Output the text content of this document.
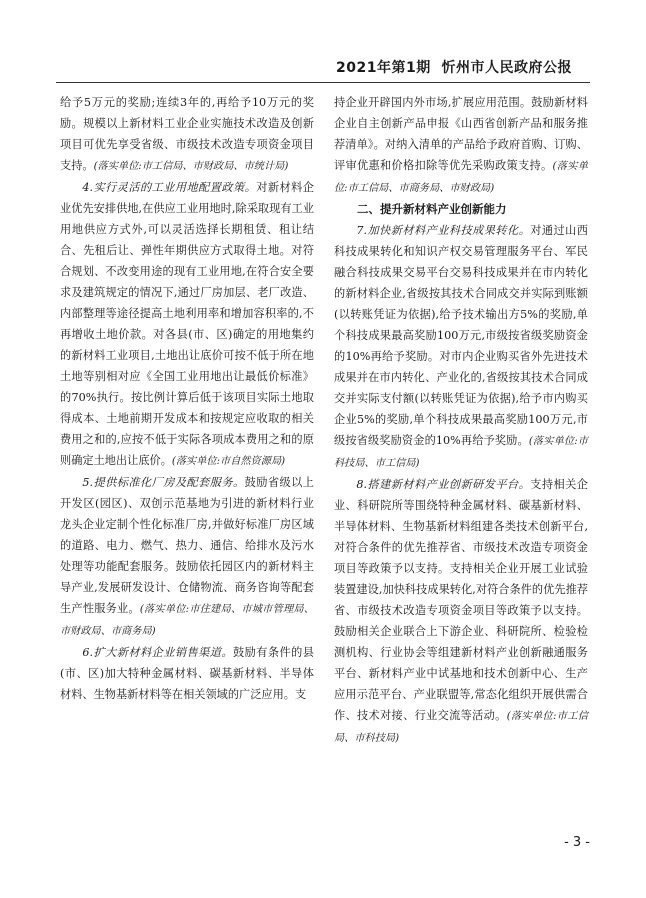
2021年第1期 忻州市人民政府公报

给予5万元的奖励;连续3年的,再给予10万元的奖励。规模以上新材料工业企业实施技术改造及创新项目可优先享受省级、市级技术改造专项资金项目支持。(落实单位:市工信局、市财政局、市统计局)

4.实行灵活的工业用地配置政策。对新材料企业优先安排供地,在供应工业用地时,除采取现有工业用地供应方式外,可以灵活选择长期租赁、租让结合、先租后让、弹性年期供应方式取得土地。对符合规划、不改变用途的现有工业用地,在符合安全要求及建筑规定的情况下,通过厂房加层、老厂改造、内部整理等途径提高土地利用率和增加容积率的,不再增收土地价款。对各县(市、区)确定的用地集约的新材料工业项目,土地出让底价可按不低于所在地土地等别相对应《全国工业用地出让最低价标准》的70%执行。按比例计算后低于该项目实际土地取得成本、土地前期开发成本和按规定应收取的相关费用之和的,应按不低于实际各项成本费用之和的原则确定土地出让底价。(落实单位:市自然资源局)

5.提供标准化厂房及配套服务。鼓励省级以上开发区(园区)、双创示范基地为引进的新材料行业龙头企业定制个性化标准厂房,并做好标准厂房区域的道路、电力、燃气、热力、通信、给排水及污水处理等功能配套服务。鼓励依托园区内的新材料主导产业,发展研发设计、仓储物流、商务咨询等配套生产性服务业。(落实单位:市住建局、市城市管理局、市财政局、市商务局)

6.扩大新材料企业销售渠道。鼓励有条件的县(市、区)加大特种金属材料、碳基新材料、半导体材料、生物基新材料等在相关领域的广泛应用。支

持企业开辟国内外市场,扩展应用范围。鼓励新材料企业自主创新产品申报《山西省创新产品和服务推荐清单》。对纳入清单的产品给予政府首购、订购、评审优惠和价格扣除等优先采购政策支持。(落实单位:市工信局、市商务局、市财政局)

二、提升新材料产业创新能力

7.加快新材料产业科技成果转化。对通过山西科技成果转化和知识产权交易管理服务平台、军民融合科技成果交易平台交易科技成果并在市内转化的新材料企业,省级按其技术合同成交并实际到账额(以转账凭证为依据),给予技术输出方5%的奖励,单个科技成果最高奖励100万元,市级按省级奖励资金的10%再给予奖励。对市内企业购买省外先进技术成果并在市内转化、产业化的,省级按其技术合同成交并实际支付额(以转账凭证为依据),给予市内购买企业5%的奖励,单个科技成果最高奖励100万元,市级按省级奖励资金的10%再给予奖励。(落实单位:市科技局、市工信局)

8.搭建新材料产业创新研发平台。支持相关企业、科研院所等围绕特种金属材料、碳基新材料、半导体材料、生物基新材料组建各类技术创新平台,对符合条件的优先推荐省、市级技术改造专项资金项目等政策予以支持。支持相关企业开展工业试验装置建设,加快科技成果转化,对符合条件的优先推荐省、市级技术改造专项资金项目等政策予以支持。鼓励相关企业联合上下游企业、科研院所、检验检测机构、行业协会等组建新材料产业创新融通服务平台、新材料产业中试基地和技术创新中心、生产应用示范平台、产业联盟等,常态化组织开展供需合作、技术对接、行业交流等活动。(落实单位:市工信局、市科技局)

- 3 -
